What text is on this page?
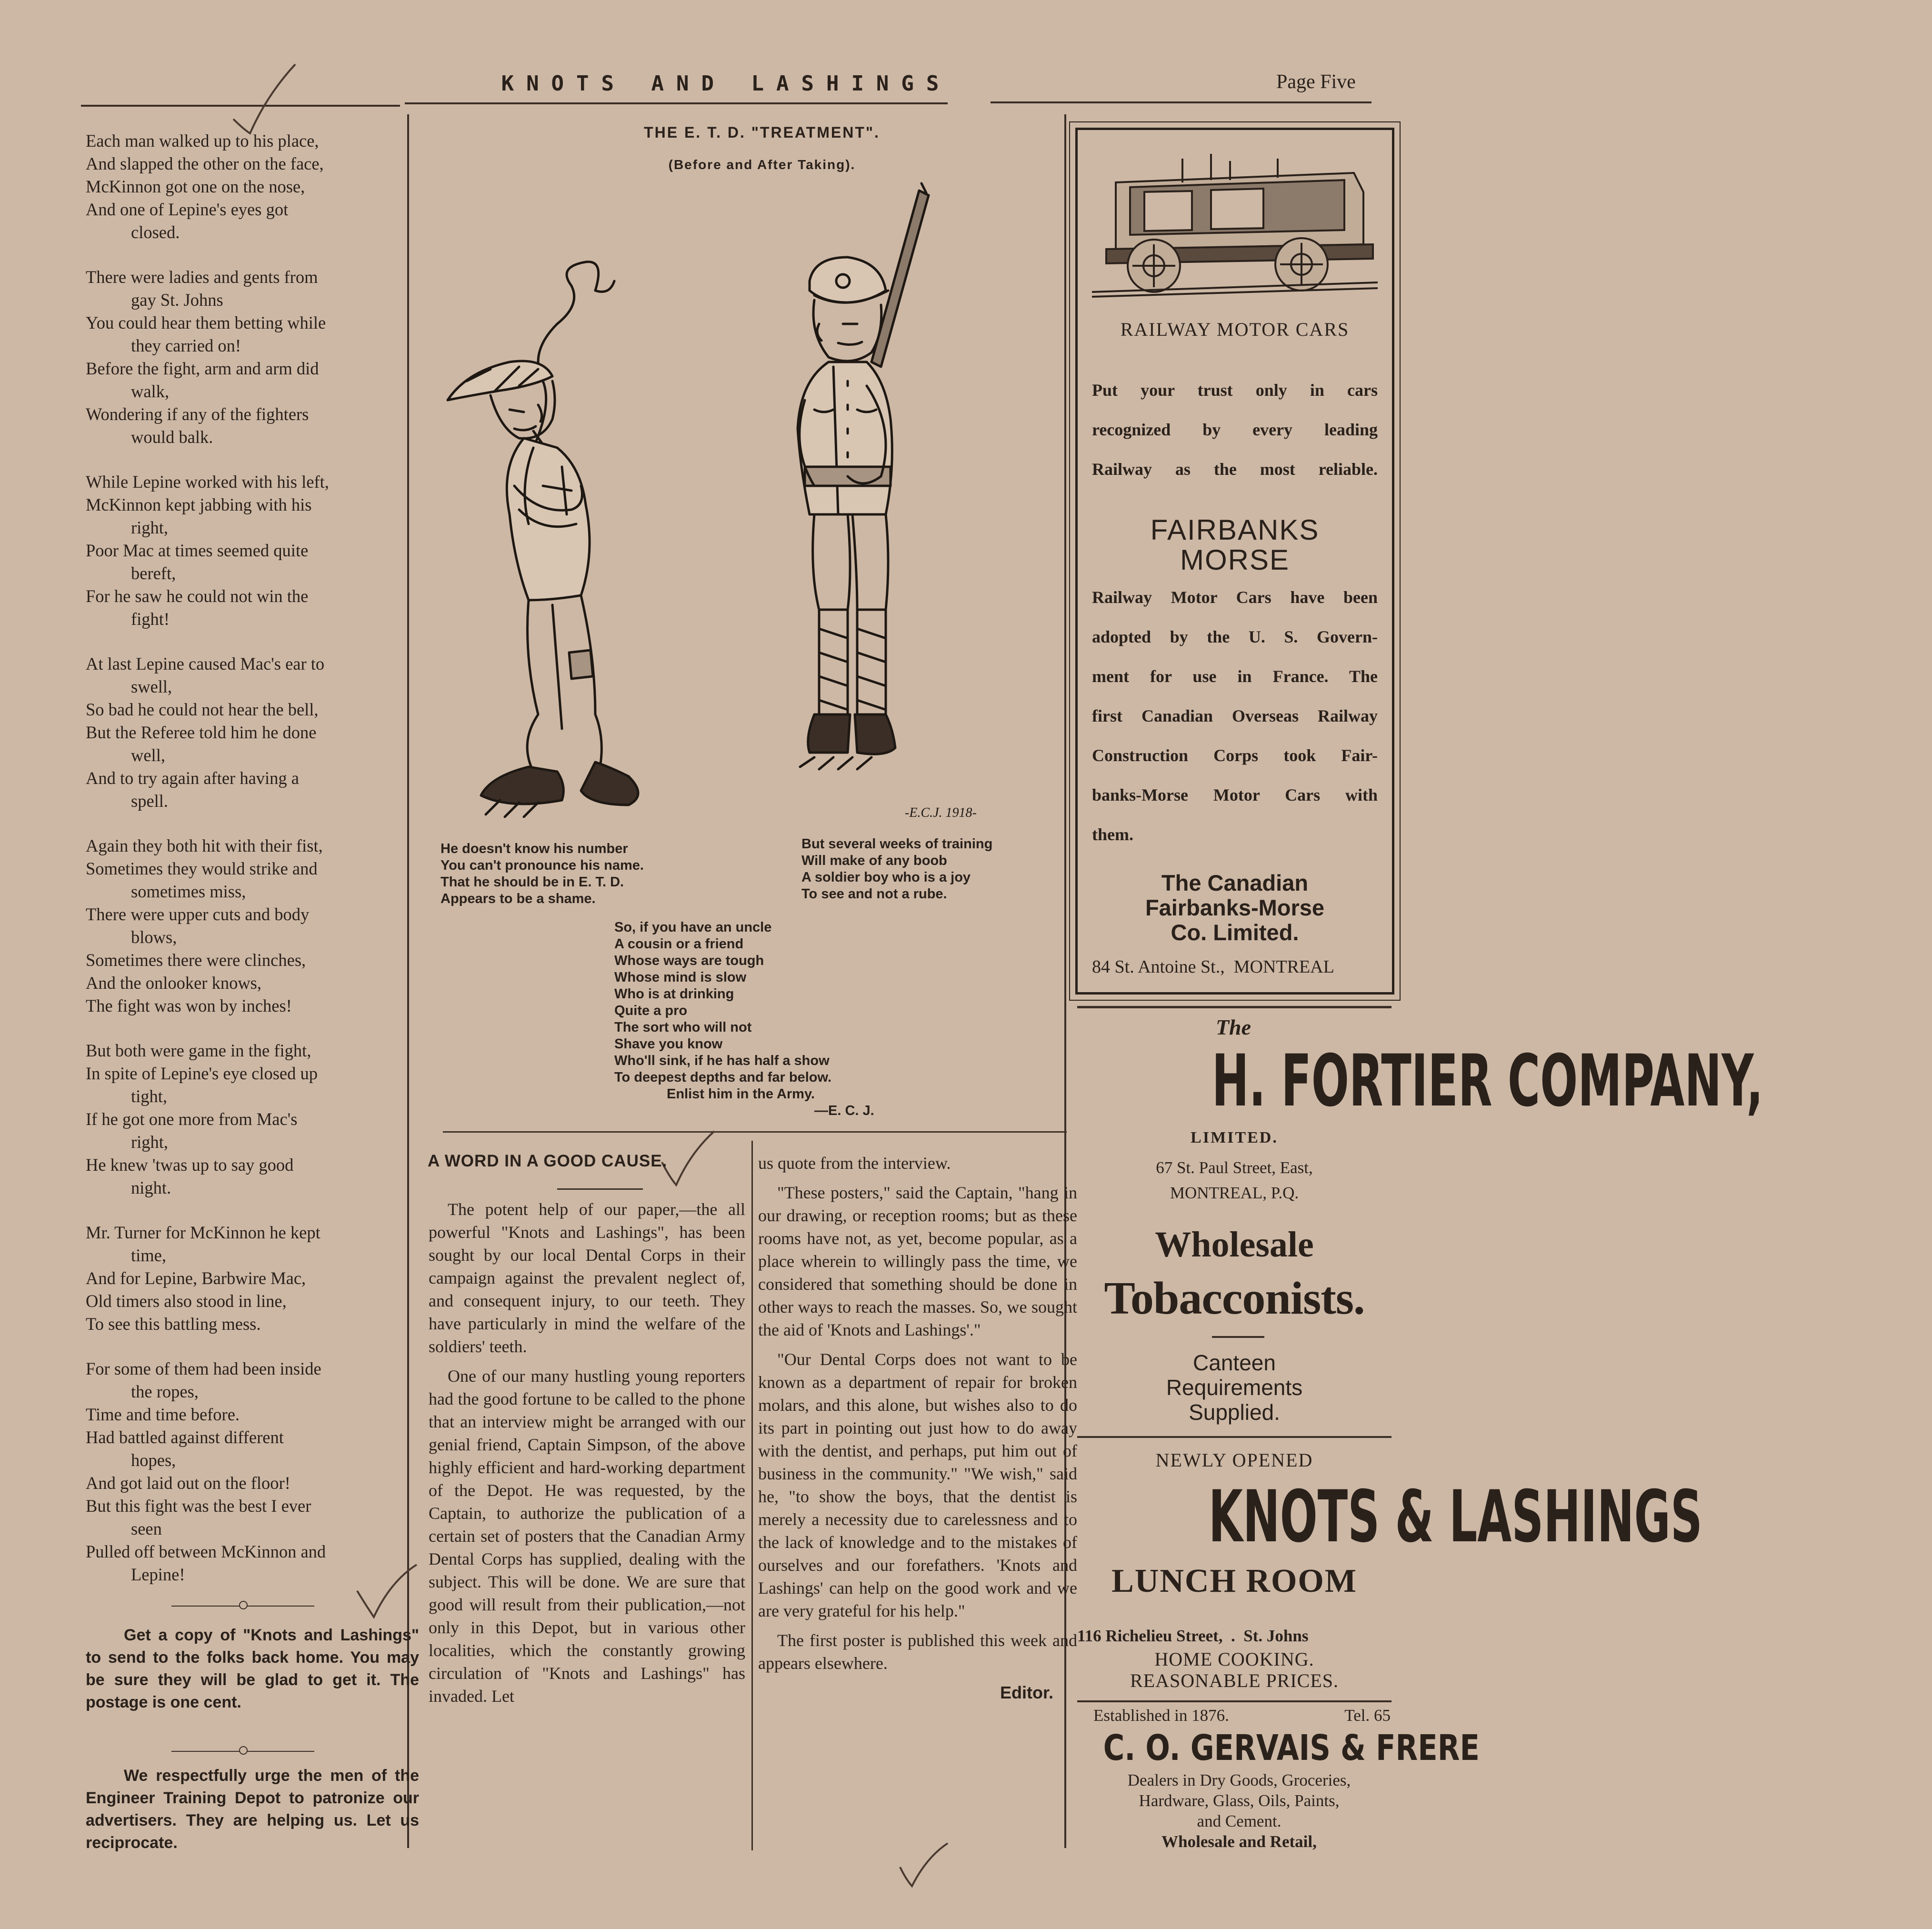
KNOTS AND LASHINGS	Page Five
Each man walked up to his place,
And slapped the other on the face,
McKinnon got one on the nose,
And one of Lepine's eyes got
closed.
There were ladies and gents from
gay St. Johns
You could hear them betting while
they carried on!
Before the fight, arm and arm did
walk,
Wondering if any of the fighters
would balk.
While Lepine worked with his left,
McKinnon kept jabbing with his
right,
Poor Mac at times seemed quite
bereft,
For he saw he could not win the
fight!
At last Lepine caused Mac's ear to
swell,
So bad he could not hear the bell,
But the Referee told him he done
well,
And to try again after having a
spell.
Again they both hit with their fist,
Sometimes they would strike and
sometimes miss,
There were upper cuts and body
blows,
Sometimes there were clinches,
And the onlooker knows,
The fight was won by inches!
But both were game in the fight,
In spite of Lepine's eye closed up
tight,
If he got one more from Mac's
right,
He knew 'twas up to say good
night.
Mr. Turner for McKinnon he kept
time,
And for Lepine, Barbwire Mac,
Old timers also stood in line,
To see this battling mess.
For some of them had been inside
the ropes,
Time and time before.
Had battled against different
hopes,
And got laid out on the floor!
But this fight was the best I ever
seen
Pulled off between McKinnon and
Lepine!
Get a copy of "Knots and Lashings" to send to the folks back home. You may be sure they will be glad to get it. The postage is one cent.
We respectfully urge the men of the Engineer Training Depot to patronize our advertisers. They are helping us. Let us reciprocate.
THE E. T. D. "TREATMENT".
(Before and After Taking).
-E.C.J. 1918-
He doesn't know his number
You can't pronounce his name.
That he should be in E. T. D.
Appears to be a shame.
But several weeks of training
Will make of any boob
A soldier boy who is a joy
To see and not a rube.
So, if you have an uncle
A cousin or a friend
Whose ways are tough
Whose mind is slow
Who is at drinking
Quite a pro
The sort who will not
Shave you know
Who'll sink, if he has half a show
To deepest depths and far below.
Enlist him in the Army.
—E. C. J.
A WORD IN A GOOD CAUSE.

The potent help of our paper,—the all powerful "Knots and Lashings", has been sought by our local Dental Corps in their campaign against the prevalent neglect of, and consequent injury, to our teeth. They have particularly in mind the welfare of the soldiers' teeth.

One of our many hustling young reporters had the good fortune to be called to the phone that an interview might be arranged with our genial friend, Captain Simpson, of the above highly efficient and hard-working department of the Depot. He was requested, by the Captain, to authorize the publication of a certain set of posters that the Canadian Army Dental Corps has supplied, dealing with the subject. This will be done. We are sure that good will result from their publication,—not only in this Depot, but in various other localities, which the constantly growing circulation of "Knots and Lashings" has invaded. Let

us quote from the interview.

"These posters," said the Captain, "hang in our drawing, or reception rooms; but as these rooms have not, as yet, become popular, as a place wherein to willingly pass the time, we considered that something should be done in other ways to reach the masses. So, we sought the aid of 'Knots and Lashings'."

"Our Dental Corps does not want to be known as a department of repair for broken molars, and this alone, but wishes also to do its part in pointing out just how to do away with the dentist, and perhaps, put him out of business in the community." "We wish," said he, "to show the boys, that the dentist is merely a necessity due to carelessness and to the lack of knowledge and to the mistakes of ourselves and our forefathers. 'Knots and Lashings' can help on the good work and we are very grateful for his help."

The first poster is published this week and appears elsewhere.

Editor.
RAILWAY MOTOR CARS
Put your trust only in cars
recognized by every leading
Railway as the most reliable.
FAIRBANKS
MORSE
Railway Motor Cars have been
adopted by the U. S. Govern-
ment for use in France. The
first Canadian Overseas Railway
Construction Corps took Fair-
banks-Morse Motor Cars with
them.
The Canadian
Fairbanks-Morse
Co. Limited.
84 St. Antoine St.,  MONTREAL
The
H. FORTIER COMPANY,
LIMITED.
67 St. Paul Street, East,
MONTREAL, P.Q.
Wholesale
Tobacconists.
Canteen
Requirements
Supplied.
NEWLY OPENED
KNOTS & LASHINGS
LUNCH ROOM
116 Richelieu Street,  .  St. Johns
HOME COOKING.
REASONABLE PRICES.
Established in 1876.	Tel. 65
C. O. GERVAIS & FRERE
Dealers in Dry Goods, Groceries,
Hardware, Glass, Oils, Paints,
and Cement.
Wholesale and Retail,
